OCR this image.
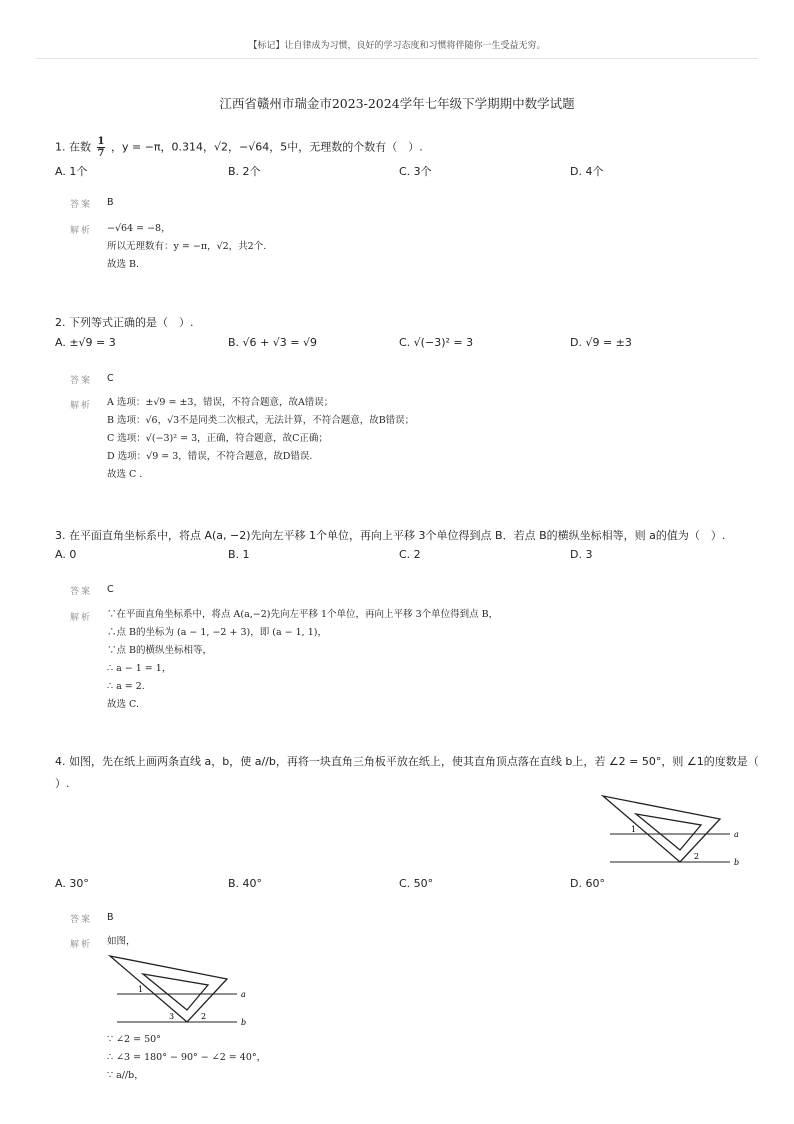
【标记】让自律成为习惯，良好的学习态度和习惯将伴随你一生受益无穷。
江西省赣州市瑞金市2023-2024学年七年级下学期期中数学试题
1. 在数 $\frac{1}{7}$ ，y = −π，0.314，√2，−√64，5中，无理数的个数有（　）.
A. 1个	B. 2个	C. 3个	D. 4个
答案 B
解析 −√64 = −8，
所以无理数有：y = −π，√2，共2个.
故选 B.
2. 下列等式正确的是（　）.
A. ±√9 = 3	B. √6 + √3 = √9	C. √(−3)² = 3	D. √9 = ±3
答案 C
解析 A 选项：±√9 = ±3，错误，不符合题意，故A错误；
B 选项：√6，√3不是同类二次根式，无法计算，不符合题意，故B错误；
C 选项：√(−3)² = 3，正确，符合题意，故C正确；
D 选项：√9 = 3，错误，不符合题意，故D错误.
故选 C .
3. 在平面直角坐标系中，将点 A(a, −2)先向左平移 1个单位，再向上平移 3个单位得到点 B．若点 B的横纵坐标相等，则 a的值为（　）.
A. 0	B. 1	C. 2	D. 3
答案 C
解析 ∵在平面直角坐标系中，将点 A(a,−2)先向左平移 1个单位，再向上平移 3个单位得到点 B，
∴点 B的坐标为 (a − 1, −2 + 3)，即 (a − 1, 1)，
∵点 B的横纵坐标相等，
∴ a − 1 = 1，
∴ a = 2.
故选 C.
4. 如图，先在纸上画两条直线 a，b，使 a//b，再将一块直角三角板平放在纸上，使其直角顶点落在直线 b上，若 ∠2 = 50°，则 ∠1的度数是（
）.
a
b
1
2
A. 30°	B. 40°	C. 50°	D. 60°
答案 B
解析 如图，
a
b
1
2
3
∵ ∠2 = 50°
∴ ∠3 = 180° − 90° − ∠2 = 40°，
∵ a//b，
